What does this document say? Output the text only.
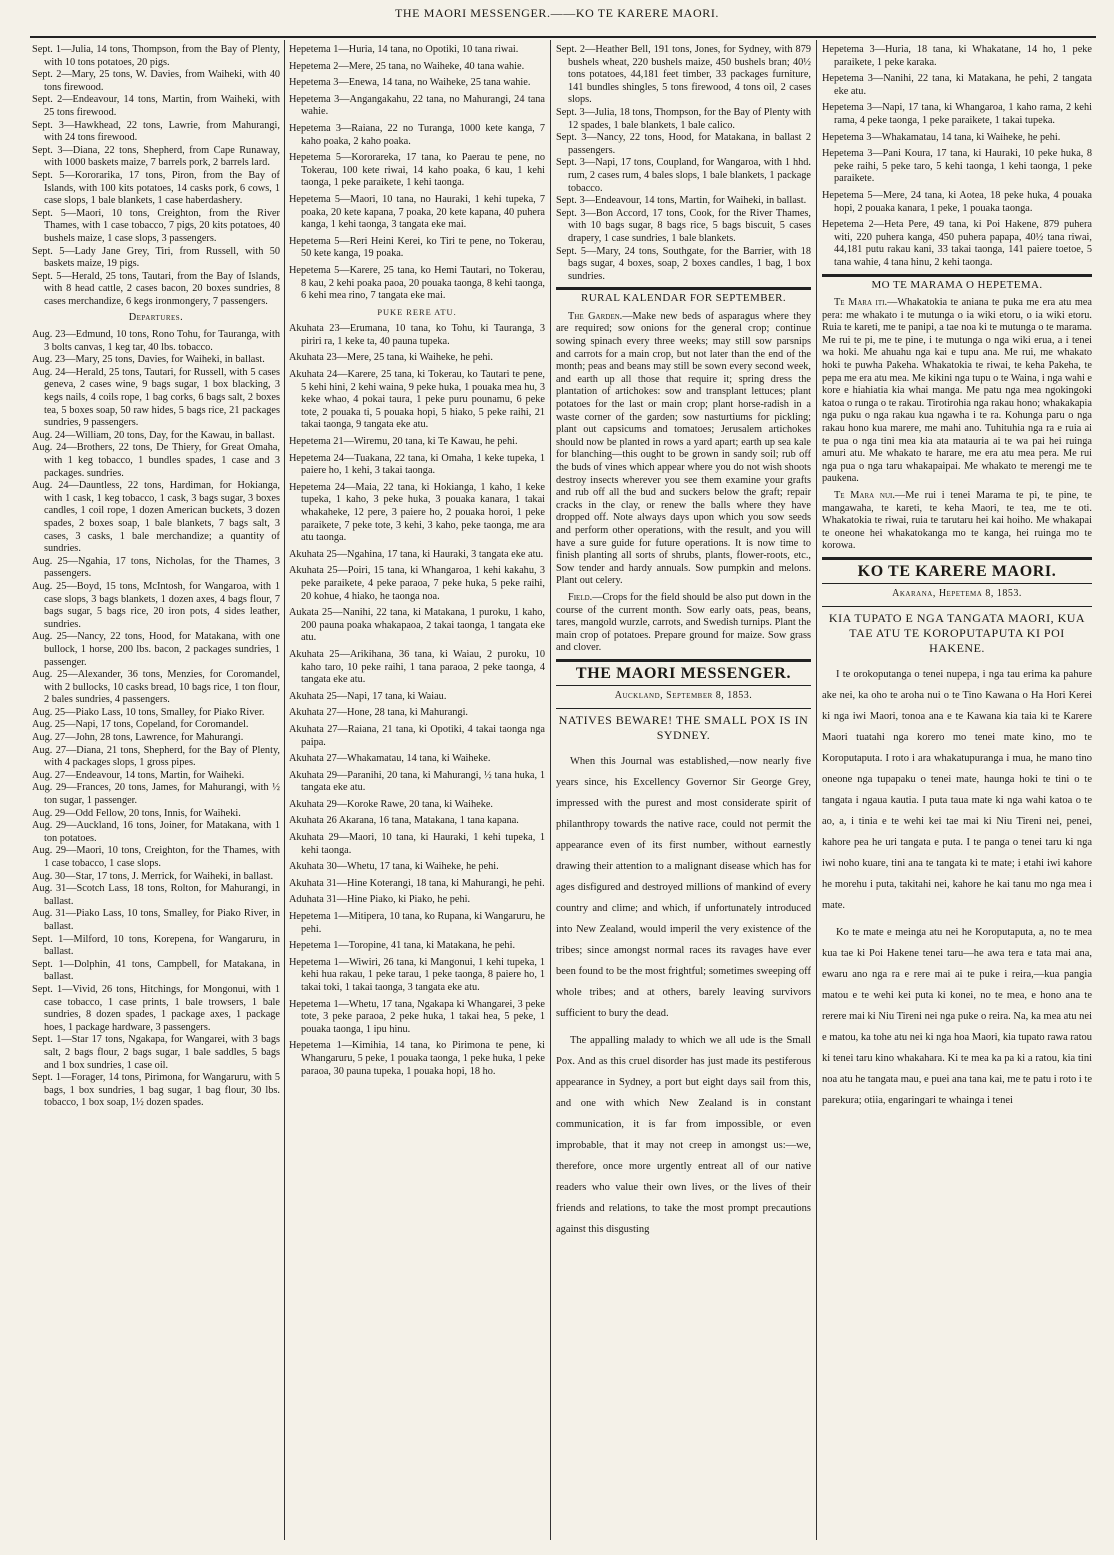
THE MAORI MESSENGER.——KO TE KARERE MAORI.

Sept. 1—Julia, 14 tons, Thompson, from the Bay of Plenty, with 10 tons potatoes, 20 pigs.

Sept. 2—Mary, 25 tons, W. Davies, from Waiheki, with 40 tons firewood.

Sept. 2—Endeavour, 14 tons, Martin, from Waiheki, with 25 tons firewood.

Sept. 3—Hawkhead, 22 tons, Lawrie, from Mahurangi, with 24 tons firewood.

Sept. 3—Diana, 22 tons, Shepherd, from Cape Runaway, with 1000 baskets maize, 7 barrels pork, 2 barrels lard.

Sept. 5—Kororarika, 17 tons, Piron, from the Bay of Islands, with 100 kits potatoes, 14 casks pork, 6 cows, 1 case slops, 1 bale blankets, 1 case haberdashery.

Sept. 5—Maori, 10 tons, Creighton, from the River Thames, with 1 case tobacco, 7 pigs, 20 kits potatoes, 40 bushels maize, 1 case slops, 3 passengers.

Sept. 5—Lady Jane Grey, Tiri, from Russell, with 50 baskets maize, 19 pigs.

Sept. 5—Herald, 25 tons, Tautari, from the Bay of Islands, with 8 head cattle, 2 cases bacon, 20 boxes sundries, 8 cases merchandize, 6 kegs ironmongery, 7 passengers.

Departures.

Aug. 23—Edmund, 10 tons, Rono Tohu, for Tauranga, with 3 bolts canvas, 1 keg tar, 40 lbs. tobacco.

Aug. 23—Mary, 25 tons, Davies, for Waiheki, in ballast.

Aug. 24—Herald, 25 tons, Tautari, for Russell, with 5 cases geneva, 2 cases wine, 9 bags sugar, 1 box blacking, 3 kegs nails, 4 coils rope, 1 bag corks, 6 bags salt, 2 boxes tea, 5 boxes soap, 50 raw hides, 5 bags rice, 21 packages sundries, 9 passengers.

Aug. 24—William, 20 tons, Day, for the Kawau, in ballast.

Aug. 24—Brothers, 22 tons, De Thiery, for Great Omaha, with 1 keg tobacco, 1 bundles spades, 1 case and 3 packages. sundries.

Aug. 24—Dauntless, 22 tons, Hardiman, for Hokianga, with 1 cask, 1 keg tobacco, 1 cask, 3 bags sugar, 3 boxes candles, 1 coil rope, 1 dozen American buckets, 3 dozen spades, 2 boxes soap, 1 bale blankets, 7 bags salt, 3 cases, 3 casks, 1 bale merchandize; a quantity of sundries.

Aug. 25—Ngahia, 17 tons, Nicholas, for the Thames, 3 passengers.

Aug. 25—Boyd, 15 tons, McIntosh, for Wangaroa, with 1 case slops, 3 bags blankets, 1 dozen axes, 4 bags flour, 7 bags sugar, 5 bags rice, 20 iron pots, 4 sides leather, sundries.

Aug. 25—Nancy, 22 tons, Hood, for Matakana, with one bullock, 1 horse, 200 lbs. bacon, 2 packages sundries, 1 passenger.

Aug. 25—Alexander, 36 tons, Menzies, for Coromandel, with 2 bullocks, 10 casks bread, 10 bags rice, 1 ton flour, 2 bales sundries, 4 passengers.

Aug. 25—Piako Lass, 10 tons, Smalley, for Piako River.

Aug. 25—Napi, 17 tons, Copeland, for Coromandel.

Aug. 27—John, 28 tons, Lawrence, for Mahurangi.

Aug. 27—Diana, 21 tons, Shepherd, for the Bay of Plenty, with 4 packages slops, 1 gross pipes.

Aug. 27—Endeavour, 14 tons, Martin, for Waiheki.

Aug. 29—Frances, 20 tons, James, for Mahurangi, with ½ ton sugar, 1 passenger.

Aug. 29—Odd Fellow, 20 tons, Innis, for Waiheki.

Aug. 29—Auckland, 16 tons, Joiner, for Matakana, with 1 ton potatoes.

Aug. 29—Maori, 10 tons, Creighton, for the Thames, with 1 case tobacco, 1 case slops.

Aug. 30—Star, 17 tons, J. Merrick, for Waiheki, in ballast.

Aug. 31—Scotch Lass, 18 tons, Rolton, for Mahurangi, in ballast.

Aug. 31—Piako Lass, 10 tons, Smalley, for Piako River, in ballast.

Sept. 1—Milford, 10 tons, Korepena, for Wangaruru, in ballast.

Sept. 1—Dolphin, 41 tons, Campbell, for Matakana, in ballast.

Sept. 1—Vivid, 26 tons, Hitchings, for Mongonui, with 1 case tobacco, 1 case prints, 1 bale trowsers, 1 bale sundries, 8 dozen spades, 1 package axes, 1 package hoes, 1 package hardware, 3 passengers.

Sept. 1—Star 17 tons, Ngakapa, for Wangarei, with 3 bags salt, 2 bags flour, 2 bags sugar, 1 bale saddles, 5 bags and 1 box sundries, 1 case oil.

Sept. 1—Forager, 14 tons, Pirimona, for Wangaruru, with 5 bags, 1 box sundries, 1 bag sugar, 1 bag flour, 30 lbs. tobacco, 1 box soap, 1½ dozen spades.

Hepetema 1—Huria, 14 tana, no Opotiki, 10 tana riwai.

Hepetema 2—Mere, 25 tana, no Waiheke, 40 tana wahie.

Hepetema 3—Enewa, 14 tana, no Waiheke, 25 tana wahie.

Hepetema 3—Angangakahu, 22 tana, no Mahurangi, 24 tana wahie.

Hepetema 3—Raiana, 22 no Turanga, 1000 kete kanga, 7 kaho poaka, 2 kaho poaka.

Hepetema 5—Kororareka, 17 tana, ko Paerau te pene, no Tokerau, 100 kete riwai, 14 kaho poaka, 6 kau, 1 kehi taonga, 1 peke paraikete, 1 kehi taonga.

Hepetema 5—Maori, 10 tana, no Hauraki, 1 kehi tupeka, 7 poaka, 20 kete kapana, 7 poaka, 20 kete kapana, 40 puhera kanga, 1 kehi taonga, 3 tangata eke mai.

Hepetema 5—Reri Heini Kerei, ko Tiri te pene, no Tokerau, 50 kete kanga, 19 poaka.

Hepetema 5—Karere, 25 tana, ko Hemi Tautari, no Tokerau, 8 kau, 2 kehi poaka paoa, 20 pouaka taonga, 8 kehi taonga, 6 kehi mea rino, 7 tangata eke mai.

PUKE RERE ATU.

Akuhata 23—Erumana, 10 tana, ko Tohu, ki Tauranga, 3 piriri ra, 1 keke ta, 40 pauna tupeka.

Akuhata 23—Mere, 25 tana, ki Waiheke, he pehi.

Akuhata 24—Karere, 25 tana, ki Tokerau, ko Tautari te pene, 5 kehi hini, 2 kehi waina, 9 peke huka, 1 pouaka mea hu, 3 keke whao, 4 pokai taura, 1 peke puru pounamu, 6 peke tote, 2 pouaka ti, 5 pouaka hopi, 5 hiako, 5 peke raihi, 21 takai taonga, 9 tangata eke atu.

Hepetema 21—Wiremu, 20 tana, ki Te Kawau, he pehi.

Hepetema 24—Tuakana, 22 tana, ki Omaha, 1 keke tupeka, 1 paiere ho, 1 kehi, 3 takai taonga.

Hepetema 24—Maia, 22 tana, ki Hokianga, 1 kaho, 1 keke tupeka, 1 kaho, 3 peke huka, 3 pouaka kanara, 1 takai whakaheke, 12 pere, 3 paiere ho, 2 pouaka horoi, 1 peke paraikete, 7 peke tote, 3 kehi, 3 kaho, peke taonga, me ara atu taonga.

Akuhata 25—Ngahina, 17 tana, ki Hauraki, 3 tangata eke atu.

Akuhata 25—Poiri, 15 tana, ki Whangaroa, 1 kehi kakahu, 3 peke paraikete, 4 peke paraoa, 7 peke huka, 5 peke raihi, 20 kohue, 4 hiako, he taonga noa.

Aukata 25—Nanihi, 22 tana, ki Matakana, 1 puroku, 1 kaho, 200 pauna poaka whakapaoa, 2 takai taonga, 1 tangata eke atu.

Akuhata 25—Arikihana, 36 tana, ki Waiau, 2 puroku, 10 kaho taro, 10 peke raihi, 1 tana paraoa, 2 peke taonga, 4 tangata eke atu.

Akuhata 25—Napi, 17 tana, ki Waiau.

Akuhata 27—Hone, 28 tana, ki Mahurangi.

Akuhata 27—Raiana, 21 tana, ki Opotiki, 4 takai taonga nga paipa.

Akuhata 27—Whakamatau, 14 tana, ki Waiheke.

Akuhata 29—Paranihi, 20 tana, ki Mahurangi, ½ tana huka, 1 tangata eke atu.

Akuhata 29—Koroke Rawe, 20 tana, ki Waiheke.

Akuhata 26 Akarana, 16 tana, Matakana, 1 tana kapana.

Akuhata 29—Maori, 10 tana, ki Hauraki, 1 kehi tupeka, 1 kehi taonga.

Akuhata 30—Whetu, 17 tana, ki Waiheke, he pehi.

Akuhata 31—Hine Koterangi, 18 tana, ki Mahurangi, he pehi.

Aduhata 31—Hine Piako, ki Piako, he pehi.

Hepetema 1—Mitipera, 10 tana, ko Rupana, ki Wangaruru, he pehi.

Hepetema 1—Toropine, 41 tana, ki Matakana, he pehi.

Hepetema 1—Wiwiri, 26 tana, ki Mangonui, 1 kehi tupeka, 1 kehi hua rakau, 1 peke tarau, 1 peke taonga, 8 paiere ho, 1 takai toki, 1 takai taonga, 3 tangata eke atu.

Hepetema 1—Whetu, 17 tana, Ngakapa ki Whangarei, 3 peke tote, 3 peke paraoa, 2 peke huka, 1 takai hea, 5 peke, 1 pouaka taonga, 1 ipu hinu.

Hepetema 1—Kimihia, 14 tana, ko Pirimona te pene, ki Whangaruru, 5 peke, 1 pouaka taonga, 1 peke huka, 1 peke paraoa, 30 pauna tupeka, 1 pouaka hopi, 18 ho.

Sept. 2—Heather Bell, 191 tons, Jones, for Sydney, with 879 bushels wheat, 220 bushels maize, 450 bushels bran; 40½ tons potatoes, 44,181 feet timber, 33 packages furniture, 141 bundles shingles, 5 tons firewood, 4 tons oil, 2 cases slops.

Sept. 3—Julia, 18 tons, Thompson, for the Bay of Plenty with 12 spades, 1 bale blankets, 1 bale calico.

Sept. 3—Nancy, 22 tons, Hood, for Matakana, in ballast 2 passengers.

Sept. 3—Napi, 17 tons, Coupland, for Wangaroa, with 1 hhd. rum, 2 cases rum, 4 bales slops, 1 bale blankets, 1 package tobacco.

Sept. 3—Endeavour, 14 tons, Martin, for Waiheki, in ballast.

Sept. 3—Bon Accord, 17 tons, Cook, for the River Thames, with 10 bags sugar, 8 bags rice, 5 bags biscuit, 5 cases drapery, 1 case sundries, 1 bale blankets.

Sept. 5—Mary, 24 tons, Southgate, for the Barrier, with 18 bags sugar, 4 boxes, soap, 2 boxes candles, 1 bag, 1 box sundries.

RURAL KALENDAR FOR SEPTEMBER.

The Garden.—Make new beds of asparagus where they are required; sow onions for the general crop; continue sowing spinach every three weeks; may still sow parsnips and carrots for a main crop, but not later than the end of the month; peas and beans may still be sown every second week, and earth up all those that require it; spring dress the plantation of artichokes: sow and transplant lettuces; plant potatoes for the last or main crop; plant horse-radish in a waste corner of the garden; sow nasturtiums for pickling; plant out capsicums and tomatoes; Jerusalem artichokes should now be planted in rows a yard apart; earth up sea kale for blanching—this ought to be grown in sandy soil; rub off the buds of vines which appear where you do not wish shoots destroy insects wherever you see them examine your grafts and rub off all the bud and suckers below the graft; repair cracks in the clay, or renew the balls where they have dropped off. Note always days upon which you sow seeds and perform other operations, with the result, and you will have a sure guide for future operations. It is now time to finish planting all sorts of shrubs, plants, flower-roots, etc., Sow tender and hardy annuals. Sow pumpkin and melons. Plant out celery.

Field.—Crops for the field should be also put down in the course of the current month. Sow early oats, peas, beans, tares, mangold wurzle, carrots, and Swedish turnips. Plant the main crop of potatoes. Prepare ground for maize. Sow grass and clover.

THE MAORI MESSENGER.
Auckland, September 8, 1853.
NATIVES BEWARE! THE SMALL POX IS IN SYDNEY.

When this Journal was established,—now nearly five years since, his Excellency Governor Sir George Grey, impressed with the purest and most considerate spirit of philanthropy towards the native race, could not permit the appearance even of its first number, without earnestly drawing their attention to a malignant disease which has for ages disfigured and destroyed millions of mankind of every country and clime; and which, if unfortunately introduced into New Zealand, would imperil the very existence of the tribes; since amongst normal races its ravages have ever been found to be the most frightful; sometimes sweeping off whole tribes; and at others, barely leaving survivors sufficient to bury the dead.

The appalling malady to which we all ude is the Small Pox. And as this cruel disorder has just made its pestiferous appearance in Sydney, a port but eight days sail from this, and one with which New Zealand is in constant communication, it is far from impossible, or even improbable, that it may not creep in amongst us:—we, therefore, once more urgently entreat all of our native readers who value their own lives, or the lives of their friends and relations, to take the most prompt precautions against this disgusting

Hepetema 3—Huria, 18 tana, ki Whakatane, 14 ho, 1 peke paraikete, 1 peke karaka.

Hepetema 3—Nanihi, 22 tana, ki Matakana, he pehi, 2 tangata eke atu.

Hepetema 3—Napi, 17 tana, ki Whangaroa, 1 kaho rama, 2 kehi rama, 4 peke taonga, 1 peke paraikete, 1 takai tupeka.

Hepetema 3—Whakamatau, 14 tana, ki Waiheke, he pehi.

Hepetema 3—Pani Koura, 17 tana, ki Hauraki, 10 peke huka, 8 peke raihi, 5 peke taro, 5 kehi taonga, 1 kehi taonga, 1 peke paraikete.

Hepetema 5—Mere, 24 tana, ki Aotea, 18 peke huka, 4 pouaka hopi, 2 pouaka kanara, 1 peke, 1 pouaka taonga.

Hepetema 2—Heta Pere, 49 tana, ki Poi Hakene, 879 puhera witi, 220 puhera kanga, 450 puhera papapa, 40½ tana riwai, 44,181 putu rakau kani, 33 takai taonga, 141 paiere toetoe, 5 tana wahie, 4 tana hinu, 2 kehi taonga.

MO TE MARAMA O HEPETEMA.

Te Mara iti.—Whakatokia te aniana te puka me era atu mea pera: me whakato i te mutunga o ia wiki etoru, o ia wiki etoru. Ruia te kareti, me te panipi, a tae noa ki te mutunga o te marama. Me rui te pi, me te pine, i te mutunga o nga wiki erua, a i tenei wa hoki. Me ahuahu nga kai e tupu ana. Me rui, me whakato hoki te puwha Pakeha. Whakatokia te riwai, te keha Pakeha, te pepa me era atu mea. Me kikini nga tupu o te Waina, i nga wahi e kore e hiahiatia kia whai manga. Me patu nga mea ngokingoki katoa o runga o te rakau. Tirotirohia nga rakau hono; whakakapia nga puku o nga rakau kua ngawha i te ra. Kohunga paru o nga rakau hono kua marere, me mahi ano. Tuhituhia nga ra e ruia ai te pua o nga tini mea kia ata matauria ai te wa pai hei ruinga amuri atu. Me whakato te harare, me era atu mea pera. Me rui nga pua o nga taru whakapaipai. Me whakato te merengi me te paukena.

Te Mara nui.—Me rui i tenei Marama te pi, te pine, te mangawaha, te kareti, te keha Maori, te tea, me te oti. Whakatokia te riwai, ruia te tarutaru hei kai hoiho. Me whakapai te oneone hei whakatokanga mo te kanga, hei ruinga mo te korowa.

KO TE KARERE MAORI.
Akarana, Hepetema 8, 1853.
KIA TUPATO E NGA TANGATA MAORI, KUA TAE ATU TE KOROPUTAPUTA KI POI HAKENE.

I te orokoputanga o tenei nupepa, i nga tau erima ka pahure ake nei, ka oho te aroha nui o te Tino Kawana o Ha Hori Kerei ki nga iwi Maori, tonoa ana e te Kawana kia taia ki te Karere Maori tuatahi nga korero mo tenei mate kino, mo te Koroputaputa. I roto i ara whakatupuranga i mua, he mano tino oneone nga tupapaku o tenei mate, haunga hoki te tini o te tangata i ngaua kautia. I puta taua mate ki nga wahi katoa o te ao, a, i tinia e te wehi kei tae mai ki Niu Tireni nei, penei, kahore pea he uri tangata e puta. I te panga o tenei taru ki nga iwi noho kuare, tini ana te tangata ki te mate; i etahi iwi kahore he morehu i puta, takitahi nei, kahore he kai tanu mo nga mea i mate.

Ko te mate e meinga atu nei he Koroputaputa, a, no te mea kua tae ki Poi Hakene tenei taru—he awa tera e tata mai ana, ewaru ano nga ra e rere mai ai te puke i reira,—kua pangia matou e te wehi kei puta ki konei, no te mea, e hono ana te rerere mai ki Niu Tireni nei nga puke o reira. Na, ka mea atu nei e matou, ka tohe atu nei ki nga hoa Maori, kia tupato rawa ratou ki tenei taru kino whakahara. Ki te mea ka pa ki a ratou, kia tini noa atu he tangata mau, e puei ana tana kai, me te patu i roto i te parekura; otiia, engaringari te whainga i tenei
